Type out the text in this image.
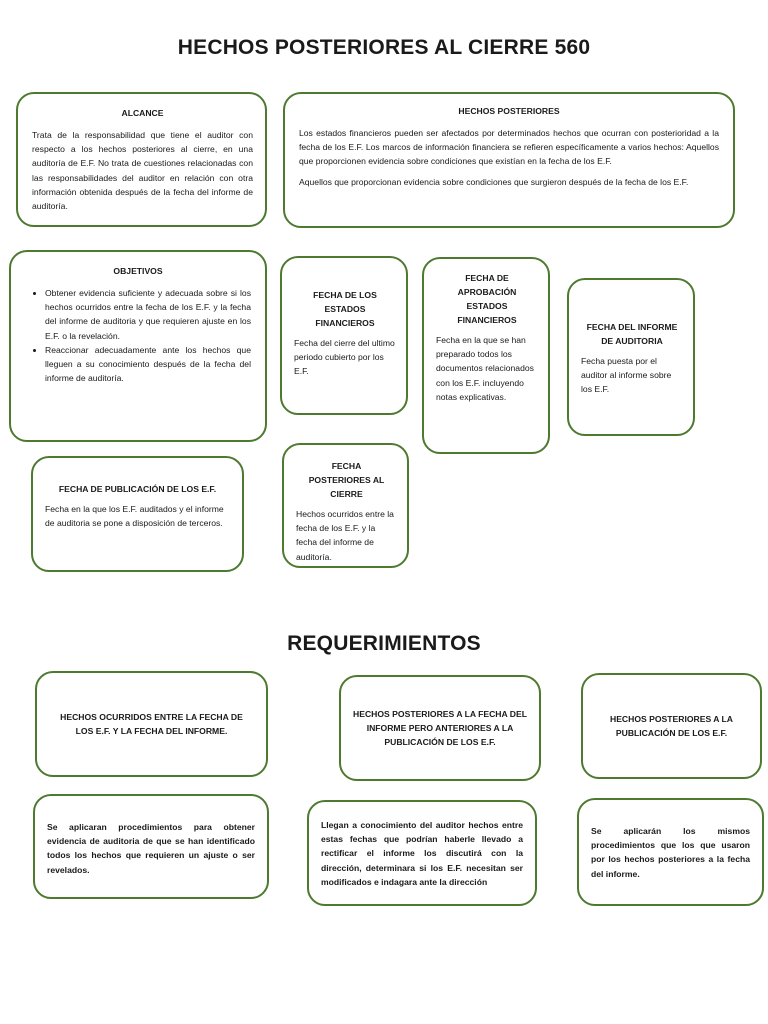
HECHOS POSTERIORES AL CIERRE 560
ALCANCE

Trata de la responsabilidad que tiene el auditor con respecto a los hechos posteriores al cierre, en una auditoría de E.F. No trata de cuestiones relacionadas con las responsabilidades del auditor en relación con otra información obtenida después de la fecha del informe de auditoría.

HECHOS POSTERIORES

Los estados financieros pueden ser afectados por determinados hechos que ocurran con posterioridad a la fecha de los E.F. Los marcos de información financiera se refieren específicamente a varios hechos: Aquellos que proporcionen evidencia sobre condiciones que existían en la fecha de los E.F.

Aquellos que proporcionan evidencia sobre condiciones que surgieron después de la fecha de los E.F.

OBJETIVOS
• Obtener evidencia suficiente y adecuada sobre si los hechos ocurridos entre la fecha de los E.F. y la fecha del informe de auditoria y que requieren ajuste en los E.F. o la revelación.
• Reaccionar adecuadamente ante los hechos que lleguen a su conocimiento después de la fecha del informe de auditoría.
FECHA DE LOS ESTADOS FINANCIEROS

Fecha del cierre del ultimo periodo cubierto por los E.F.

FECHA DE APROBACIÓN ESTADOS FINANCIEROS

Fecha en la que se han preparado todos los documentos relacionados con los E.F. incluyendo notas explicativas.

FECHA DEL INFORME DE AUDITORIA

Fecha puesta por el auditor al informe sobre los E.F.

FECHA DE PUBLICACIÓN DE LOS E.F.

Fecha en la que los E.F. auditados y el informe de auditoria se pone a disposición de terceros.

FECHA POSTERIORES AL CIERRE

Hechos ocurridos entre la fecha de los E.F. y la fecha del informe de auditoría.

REQUERIMIENTOS
HECHOS OCURRIDOS ENTRE LA FECHA DE LOS E.F. Y LA FECHA DEL INFORME.
HECHOS POSTERIORES A LA FECHA DEL INFORME PERO ANTERIORES A LA PUBLICACIÓN DE LOS E.F.
HECHOS POSTERIORES A LA PUBLICACIÓN DE LOS E.F.

Se aplicaran procedimientos para obtener evidencia de auditoria de que se han identificado todos los hechos que requieren un ajuste o ser revelados.

Llegan a conocimiento del auditor hechos entre estas fechas que podrían haberle llevado a rectificar el informe los discutirá con la dirección, determinara si los E.F. necesitan ser modificados e indagara ante la dirección

Se aplicarán los mismos procedimientos que los que usaron por los hechos posteriores a la fecha del informe.
